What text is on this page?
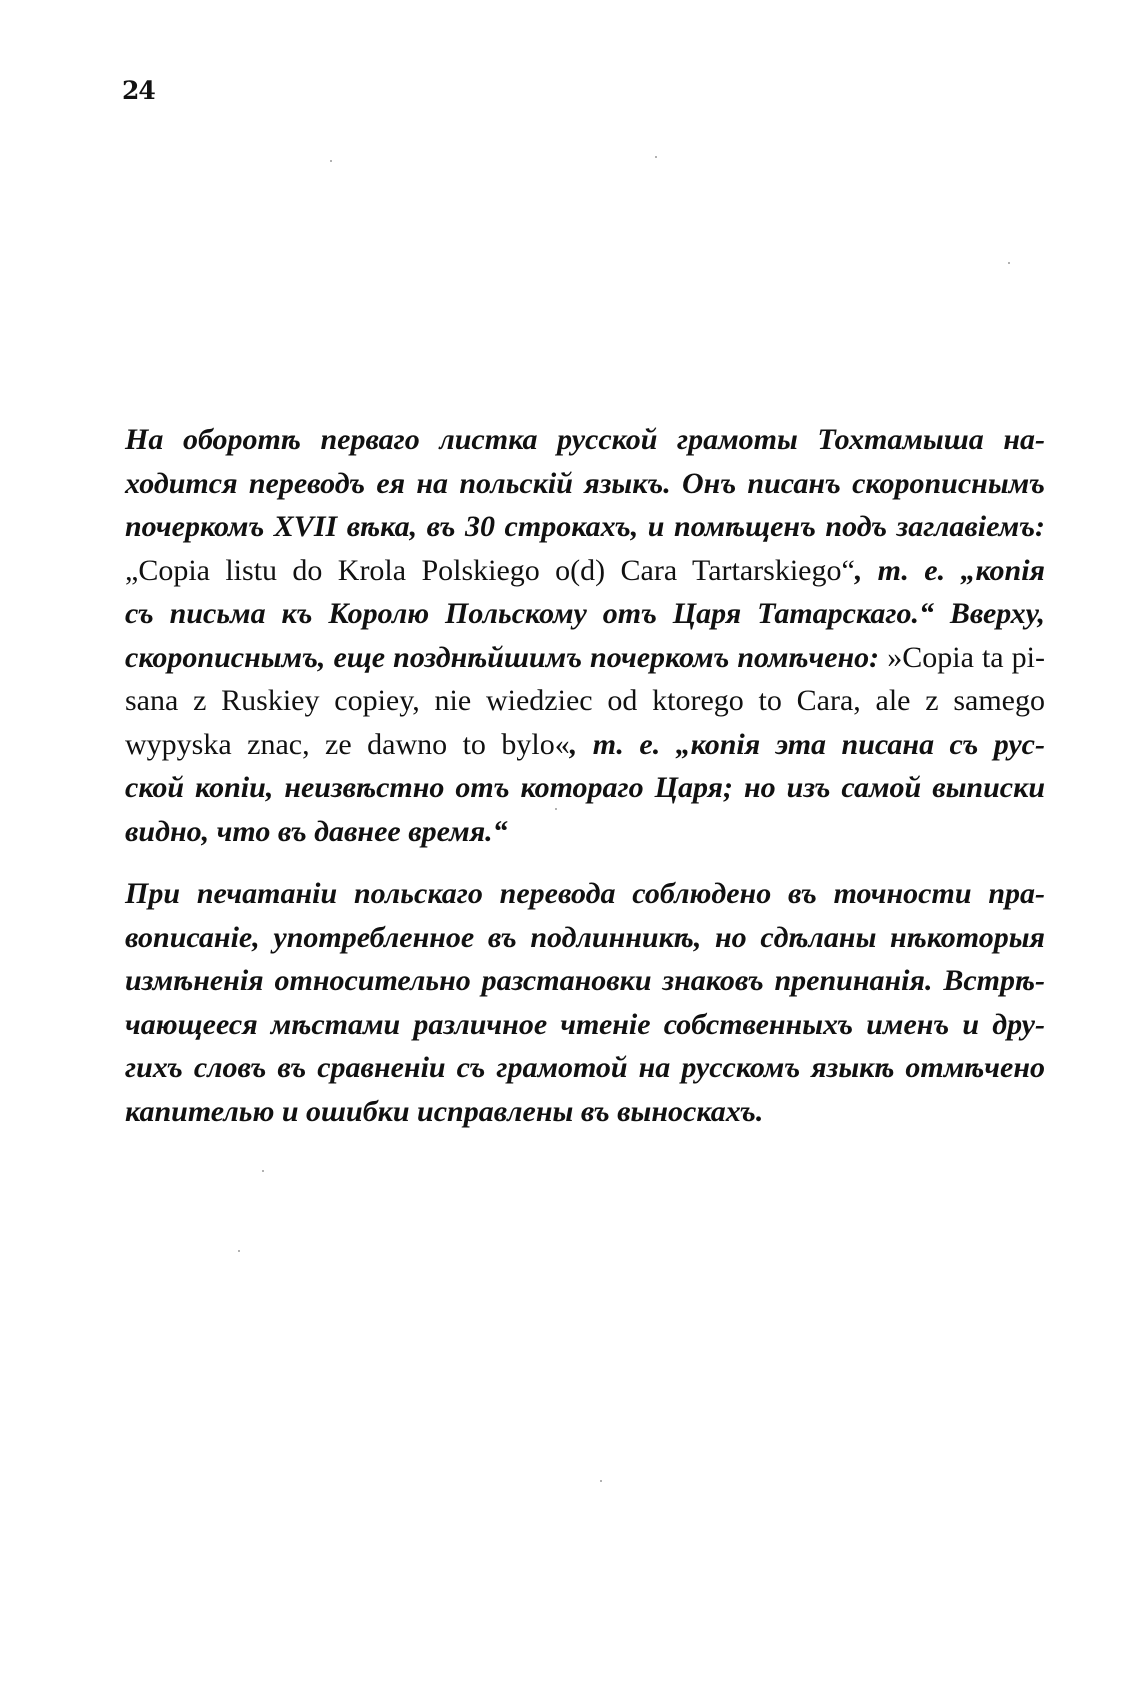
24
На оборотѣ перваго листка русской грамоты Тохтамыша на-
ходится переводъ ея на польскій языкъ. Онъ писанъ скорописнымъ
почеркомъ XVII вѣка, въ 30 строкахъ, и помѣщенъ подъ заглавіемъ:
„Copia listu do Krola Polskiego o(d) Cara Tartarskiego“, т. е. „копія
съ письма къ Королю Польскому отъ Царя Татарскаго.“ Вверху,
скорописнымъ, еще позднѣйшимъ почеркомъ помѣчено: »Copia ta pi-
sana z Ruskiey copiey, nie wiedziec od ktorego to Cara, ale z samego
wypyska znac, ze dawno to bylo«, т. е. „копія эта писана съ рус-
ской копіи, неизвѣстно отъ котораго Царя; но изъ самой выписки
видно, что въ давнее время.“
При печатаніи польскаго перевода соблюдено въ точности пра-
вописаніе, употребленное въ подлинникѣ, но сдѣланы нѣкоторыя
измѣненія относительно разстановки знаковъ препинанія. Встрѣ-
чающееся мѣстами различное чтеніе собственныхъ именъ и дру-
гихъ словъ въ сравненіи съ грамотой на русскомъ языкѣ отмѣчено
капителью и ошибки исправлены въ выноскахъ.
